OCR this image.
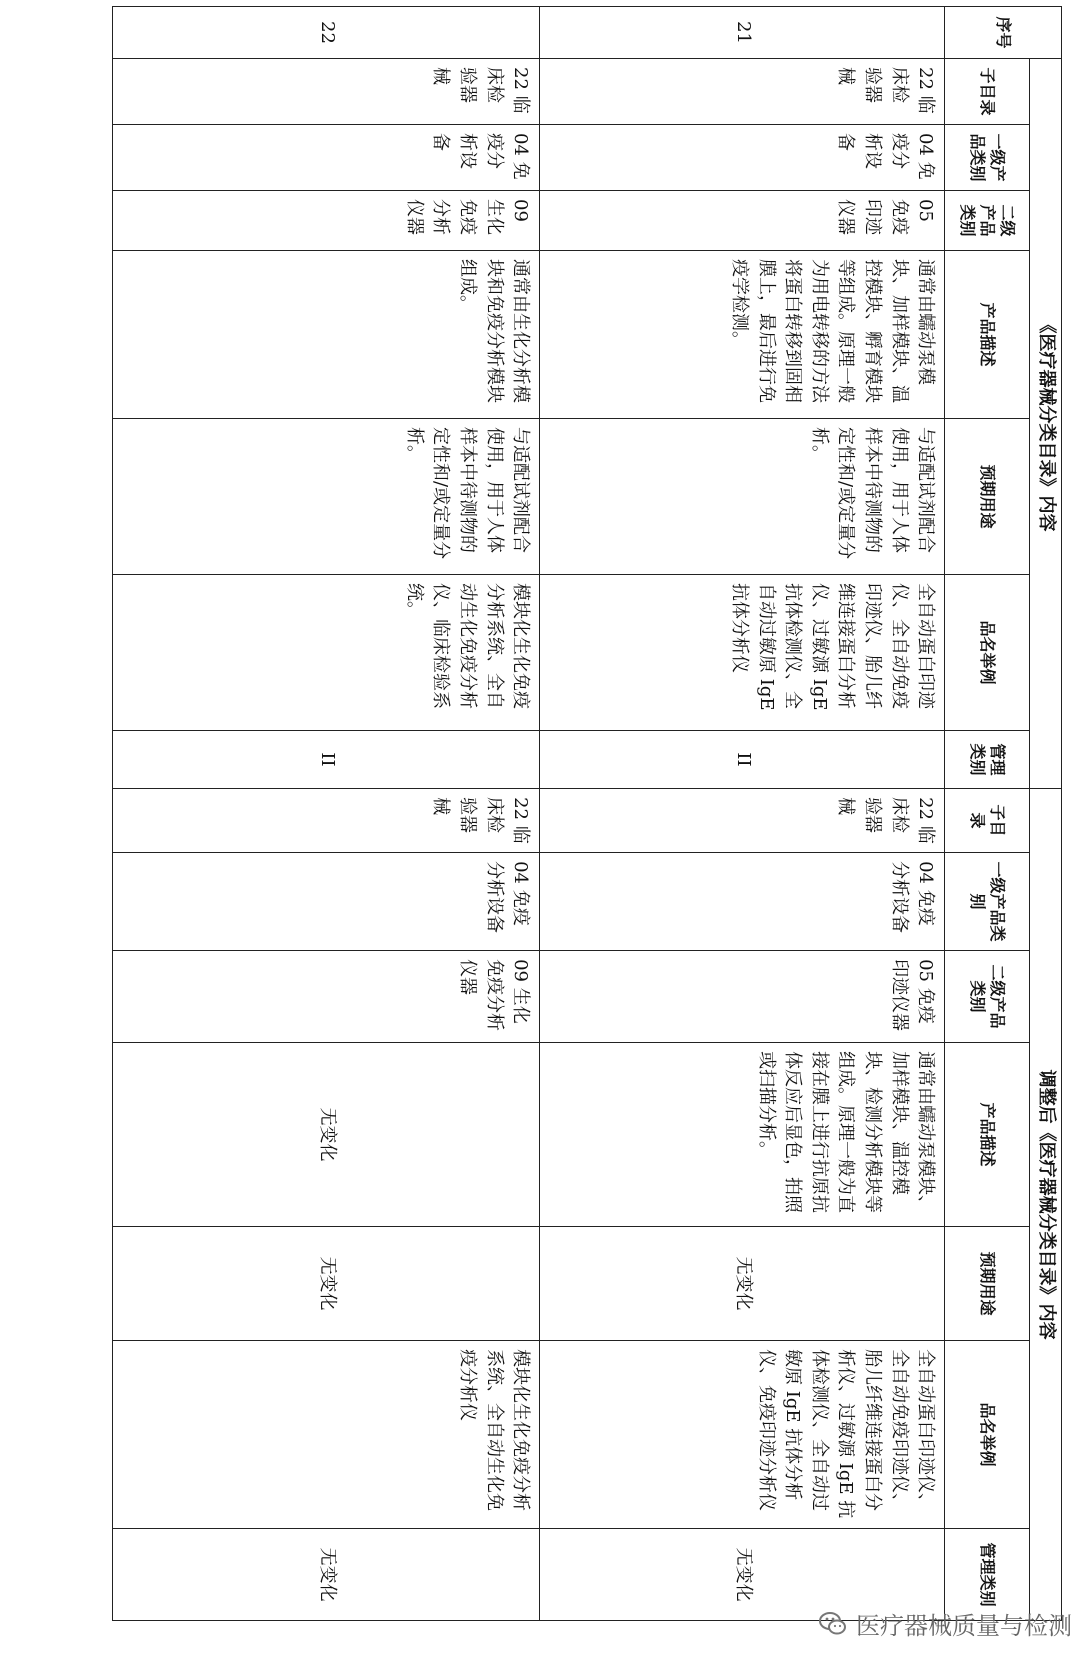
序号	《医疗器械分类目录》内容							调整后《医疗器械分类目录》内容						
	子目录	一级产品类别	二级产品类别	产品描述	预期用途	品名举例	管理类别	子目录	一级产品类别	二级产品类别	产品描述	预期用途	品名举例	管理类别
21	22 临床检验器械	04 免疫分析设备	05 免疫印迹仪器	通常由蠕动泵模块、加样模块、温控模块、孵育模块等组成。原理一般为用电转移的方法将蛋白转移到固相膜上，最后进行免疫学检测。	与适配试剂配合使用，用于人体样本中待测物的定性和/或定量分析。	全自动蛋白印迹仪、全自动免疫印迹仪、胎儿纤维连接蛋白分析仪、过敏源 IgE 抗体检测仪、全自动过敏原 IgE 抗体分析仪	II	22 临床检验器械	04 免疫分析设备	05 免疫印迹仪器	通常由蠕动泵模块、加样模块、温控模块、检测分析模块等组成。原理一般为直接在膜上进行抗原抗体反应后显色，拍照或扫描分析。	无变化	全自动蛋白印迹仪、全自动免疫印迹仪、胎儿纤维连接蛋白分析仪、过敏源 IgE 抗体检测仪、全自动过敏原 IgE 抗体分析仪、免疫印迹分析仪	无变化
22	22 临床检验器械	04 免疫分析设备	09 生化免疫分析仪器	通常由生化分析模块和免疫分析模块组成。	与适配试剂配合使用，用于人体样本中待测物的定性和/或定量分析。	模块化生化免疫分析系统、全自动生化免疫分析仪、临床检验系统。	II	22 临床检验器械	04 免疫分析设备	09 生化免疫分析仪器	无变化	无变化	模块化生化免疫分析系统、全自动生化免疫分析仪	无变化
医疗器械质量与检测
